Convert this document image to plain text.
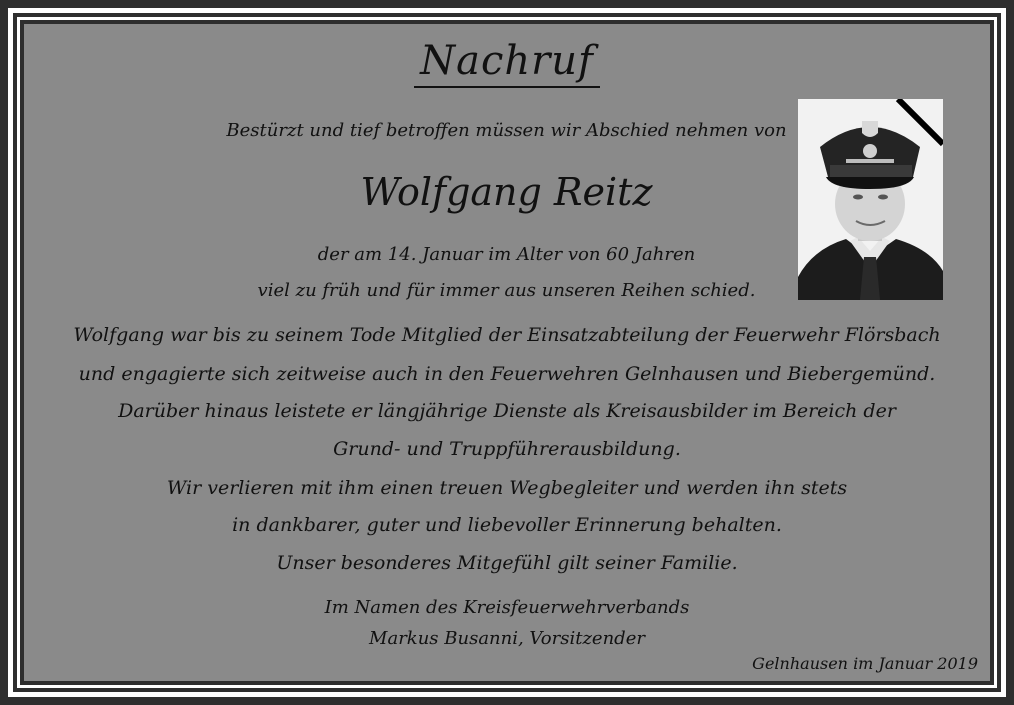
Nachruf
Bestürzt und tief betroffen müssen wir Abschied nehmen von
Wolfgang Reitz
der am 14. Januar im Alter von 60 Jahren
viel zu früh und für immer aus unseren Reihen schied.
Wolfgang war bis zu seinem Tode Mitglied der Einsatzabteilung der Feuerwehr Flörsbach
und engagierte sich zeitweise auch in den Feuerwehren Gelnhausen und Biebergemünd.
Darüber hinaus leistete er längjährige Dienste als Kreisausbilder im Bereich der
Grund- und Truppführerausbildung.
Wir verlieren mit ihm einen treuen Wegbegleiter und werden ihn stets
in dankbarer, guter und liebevoller Erinnerung behalten.
Unser besonderes Mitgefühl gilt seiner Familie.
Im Namen des Kreisfeuerwehrverbands
Markus Busanni, Vorsitzender
Gelnhausen im Januar 2019
